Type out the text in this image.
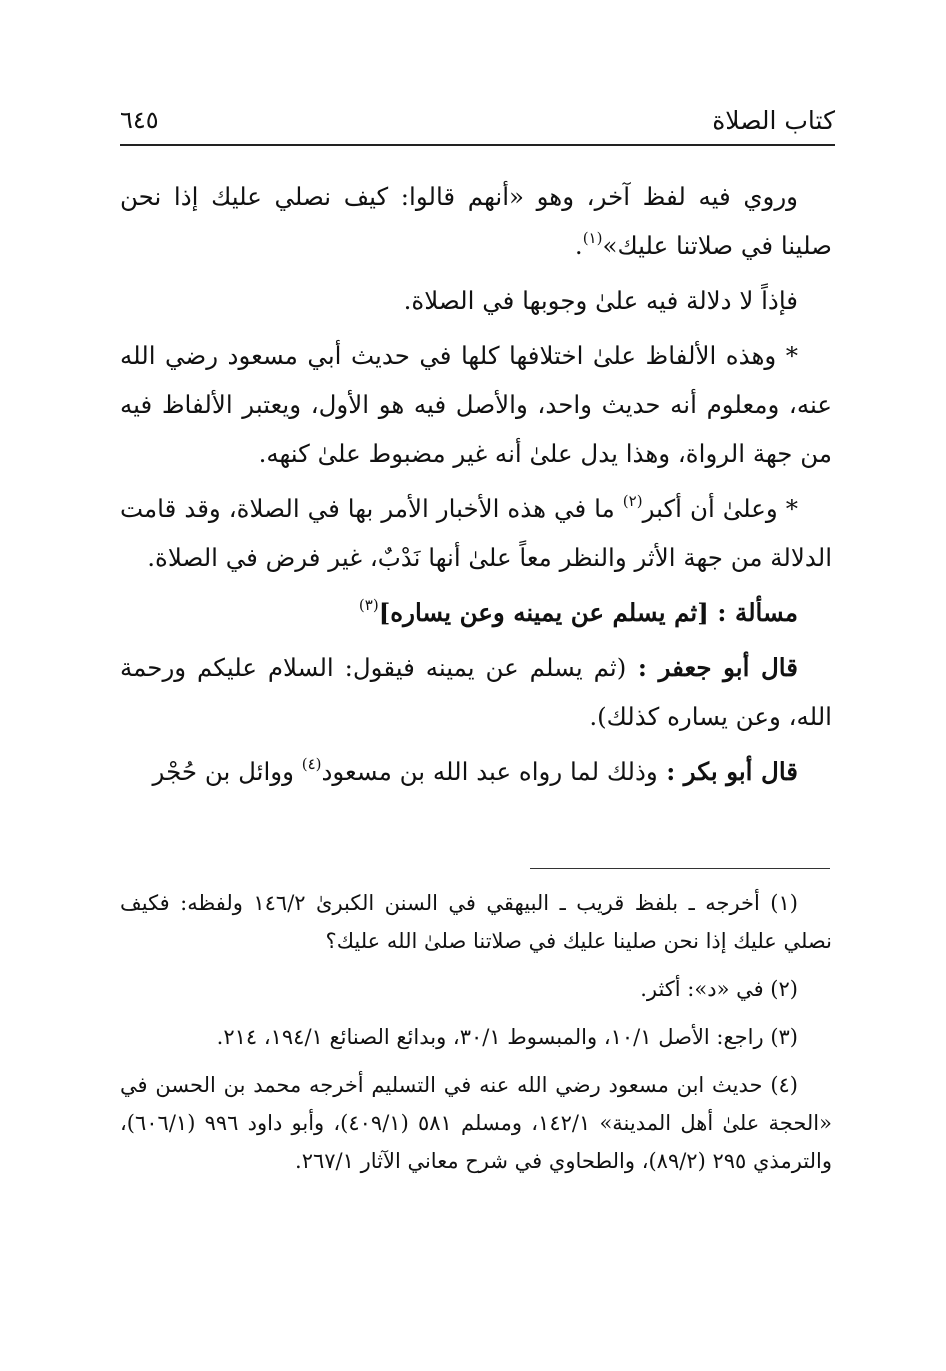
كتاب الصلاة
٦٤٥

وروي فيه لفظ آخر، وهو «أنهم قالوا: كيف نصلي عليك إذا نحن صلينا في صلاتنا عليك»$^{(١)}$.

فإذاً لا دلالة فيه علىٰ وجوبها في الصلاة.

* وهذه الألفاظ علىٰ اختلافها كلها في حديث أبي مسعود رضي الله عنه، ومعلوم أنه حديث واحد، والأصل فيه هو الأول، ويعتبر الألفاظ فيه من جهة الرواة، وهذا يدل علىٰ أنه غير مضبوط علىٰ كنهه.

* وعلىٰ أن أكبر$^{(٢)}$ ما في هذه الأخبار الأمر بها في الصلاة، وقد قامت الدلالة من جهة الأثر والنظر معاً علىٰ أنها نَدْبٌ، غير فرض في الصلاة.

مسألة : [ثم يسلم عن يمينه وعن يساره]$^{(٣)}$

قال أبو جعفر : (ثم يسلم عن يمينه فيقول: السلام عليكم ورحمة الله، وعن يساره كذلك).

قال أبو بكر : وذلك لما رواه عبد الله بن مسعود$^{(٤)}$ ووائل بن حُجْر

(١) أخرجه ـ بلفظ قريب ـ البيهقي في السنن الكبرىٰ ١٤٦/٢ ولفظه: فكيف نصلي عليك إذا نحن صلينا عليك في صلاتنا صلىٰ الله عليك؟

(٢) في «د»: أكثر.

(٣) راجع: الأصل ١٠/١، والمبسوط ٣٠/١، وبدائع الصنائع ١٩٤/١، ٢١٤.

(٤) حديث ابن مسعود رضي الله عنه في التسليم أخرجه محمد بن الحسن في «الحجة علىٰ أهل المدينة» ١٤٢/١، ومسلم ٥٨١ (٤٠٩/١)، وأبو داود ٩٩٦ (٦٠٦/١)، والترمذي ٢٩٥ (٨٩/٢)، والطحاوي في شرح معاني الآثار ٢٦٧/١.
